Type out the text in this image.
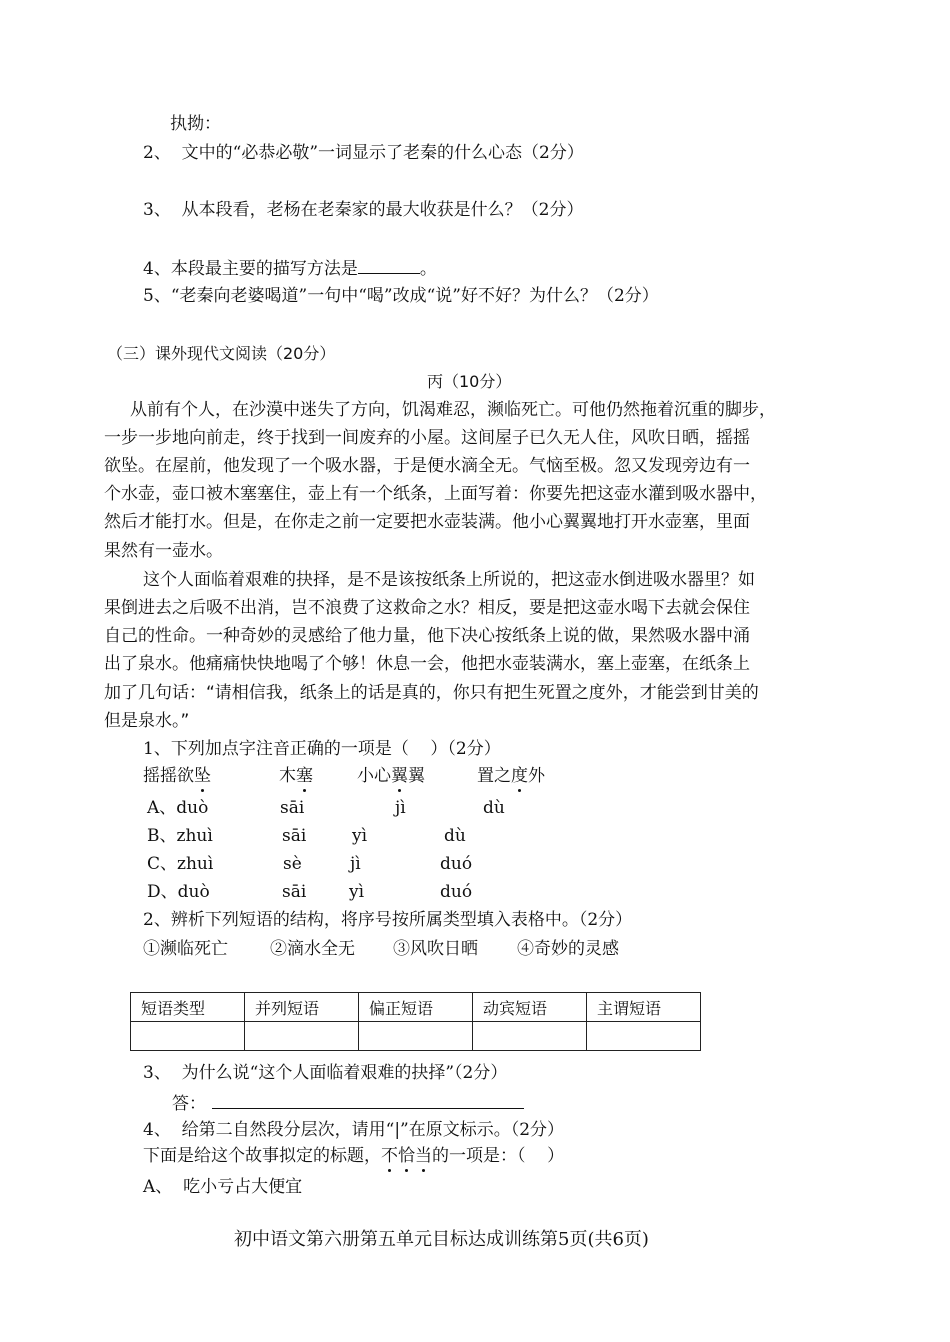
执拗：
2、  文中的“必恭必敬”一词显示了老秦的什么心态（2分）
3、  从本段看，老杨在老秦家的最大收获是什么？（2分）
4、本段最主要的描写方法是	。
5、“老秦向老婆喝道”一句中“喝”改成“说”好不好？为什么？（2分）
（三）课外现代文阅读（20分）
丙（10分）
从前有个人，在沙漠中迷失了方向，饥渴难忍，濒临死亡。可他仍然拖着沉重的脚步，
一步一步地向前走，终于找到一间废弃的小屋。这间屋子已久无人住，风吹日晒，摇摇
欲坠。在屋前，他发现了一个吸水器，于是便水滴全无。气恼至极。忽又发现旁边有一
个水壶，壶口被木塞塞住，壶上有一个纸条，上面写着：你要先把这壶水灌到吸水器中，
然后才能打水。但是，在你走之前一定要把水壶装满。他小心翼翼地打开水壶塞，里面
果然有一壶水。
这个人面临着艰难的抉择，是不是该按纸条上所说的，把这壶水倒进吸水器里？如
果倒进去之后吸不出消，岂不浪费了这救命之水？相反，要是把这壶水喝下去就会保住
自己的性命。一种奇妙的灵感给了他力量，他下决心按纸条上说的做，果然吸水器中涌
出了泉水。他痛痛快快地喝了个够！休息一会，他把水壶装满水，塞上壶塞，在纸条上
加了几句话：“请相信我，纸条上的话是真的，你只有把生死置之度外，才能尝到甘美的
但是泉水。”
1、下列加点字注音正确的一项是（    ）（2分）
摇摇欲坠	木塞	小心翼翼	置之度外
A、duò	sāi	jì	dù
B、zhuì	sāi	yì	dù
C、zhuì	sè	jì	duó
D、duò	sāi	yì	duó
2、辨析下列短语的结构，将序号按所属类型填入表格中。（2分）
①濒临死亡 ②滴水全无 ③风吹日晒 ④奇妙的灵感
短语类型	并列短语	偏正短语	动宾短语	主谓短语

3、  为什么说“这个人面临着艰难的抉择”（2分）
答：
4、  给第二自然段分层次，请用“|”在原文标示。（2分）
下面是给这个故事拟定的标题，不恰当的一项是：（    ）
A、  吃小亏占大便宜
初中语文第六册第五单元目标达成训练第5页(共6页)
